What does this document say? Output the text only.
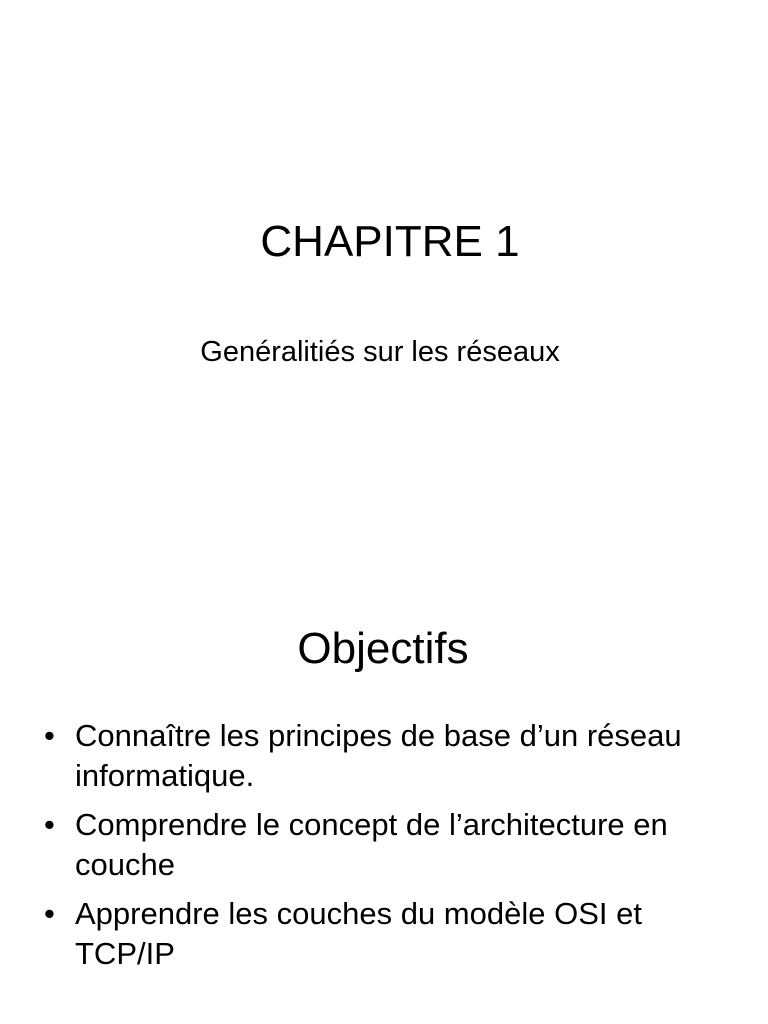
CHAPITRE 1

Genéralitiés sur les réseaux

Objectifs
• Connaître les principes de base d’un réseau informatique.
• Comprendre le concept de l’architecture en couche
• Apprendre les couches du modèle OSI et TCP/IP
